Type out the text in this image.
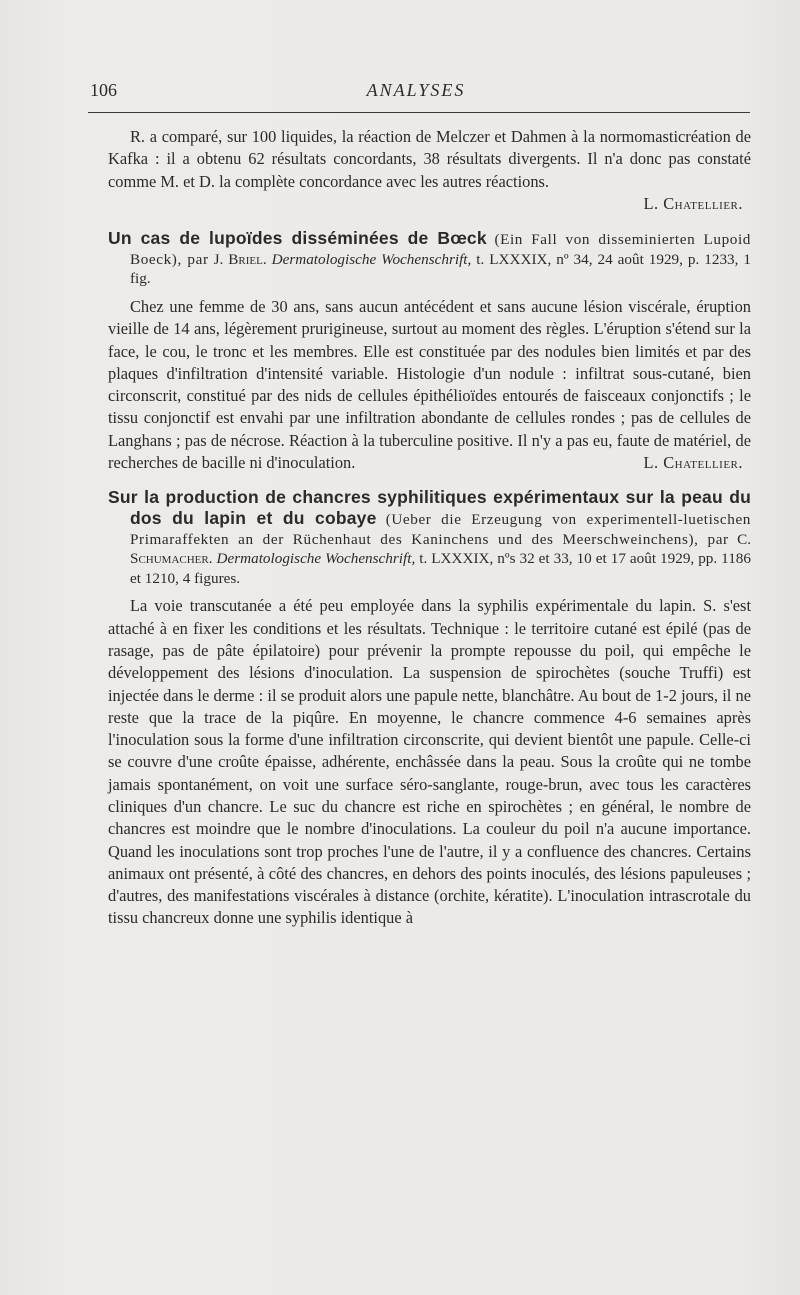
106	ANALYSES

R. a comparé, sur 100 liquides, la réaction de Melczer et Dahmen à la normomasticréation de Kafka : il a obtenu 62 résultats concordants, 38 résultats divergents. Il n'a donc pas constaté comme M. et D. la complète concordance avec les autres réactions.

L. Chatellier.

Un cas de lupoïdes disséminées de Bœck (Ein Fall von disseminierten Lupoid Boeck), par J. Briel. Dermatologische Wochenschrift, t. LXXXIX, nº 34, 24 août 1929, p. 1233, 1 fig.

Chez une femme de 30 ans, sans aucun antécédent et sans aucune lésion viscérale, éruption vieille de 14 ans, légèrement prurigineuse, surtout au moment des règles. L'éruption s'étend sur la face, le cou, le tronc et les membres. Elle est constituée par des nodules bien limités et par des plaques d'infiltration d'intensité variable. Histologie d'un nodule : infiltrat sous-cutané, bien circonscrit, constitué par des nids de cellules épithélioïdes entourés de faisceaux conjonctifs ; le tissu conjonctif est envahi par une infiltration abondante de cellules rondes ; pas de cellules de Langhans ; pas de nécrose. Réaction à la tuberculine positive. Il n'y a pas eu, faute de matériel, de recherches de bacille ni d'inoculation.	L. Chatellier.

Sur la production de chancres syphilitiques expérimentaux sur la peau du dos du lapin et du cobaye (Ueber die Erzeugung von experimentell-luetischen Primaraffekten an der Rüchenhaut des Kaninchens und des Meerschweinchens), par C. Schumacher. Dermatologische Wochenschrift, t. LXXXIX, nºs 32 et 33, 10 et 17 août 1929, pp. 1186 et 1210, 4 figures.

La voie transcutanée a été peu employée dans la syphilis expérimentale du lapin. S. s'est attaché à en fixer les conditions et les résultats. Technique : le territoire cutané est épilé (pas de rasage, pas de pâte épilatoire) pour prévenir la prompte repousse du poil, qui empêche le développement des lésions d'inoculation. La suspension de spirochètes (souche Truffi) est injectée dans le derme : il se produit alors une papule nette, blanchâtre. Au bout de 1-2 jours, il ne reste que la trace de la piqûre. En moyenne, le chancre commence 4-6 semaines après l'inoculation sous la forme d'une infiltration circonscrite, qui devient bientôt une papule. Celle-ci se couvre d'une croûte épaisse, adhérente, enchâssée dans la peau. Sous la croûte qui ne tombe jamais spontanément, on voit une surface séro-sanglante, rouge-brun, avec tous les caractères cliniques d'un chancre. Le suc du chancre est riche en spirochètes ; en général, le nombre de chancres est moindre que le nombre d'inoculations. La couleur du poil n'a aucune importance. Quand les inoculations sont trop proches l'une de l'autre, il y a confluence des chancres. Certains animaux ont présenté, à côté des chancres, en dehors des points inoculés, des lésions papuleuses ; d'autres, des manifestations viscérales à distance (orchite, kératite). L'inoculation intrascrotale du tissu chancreux donne une syphilis identique à
